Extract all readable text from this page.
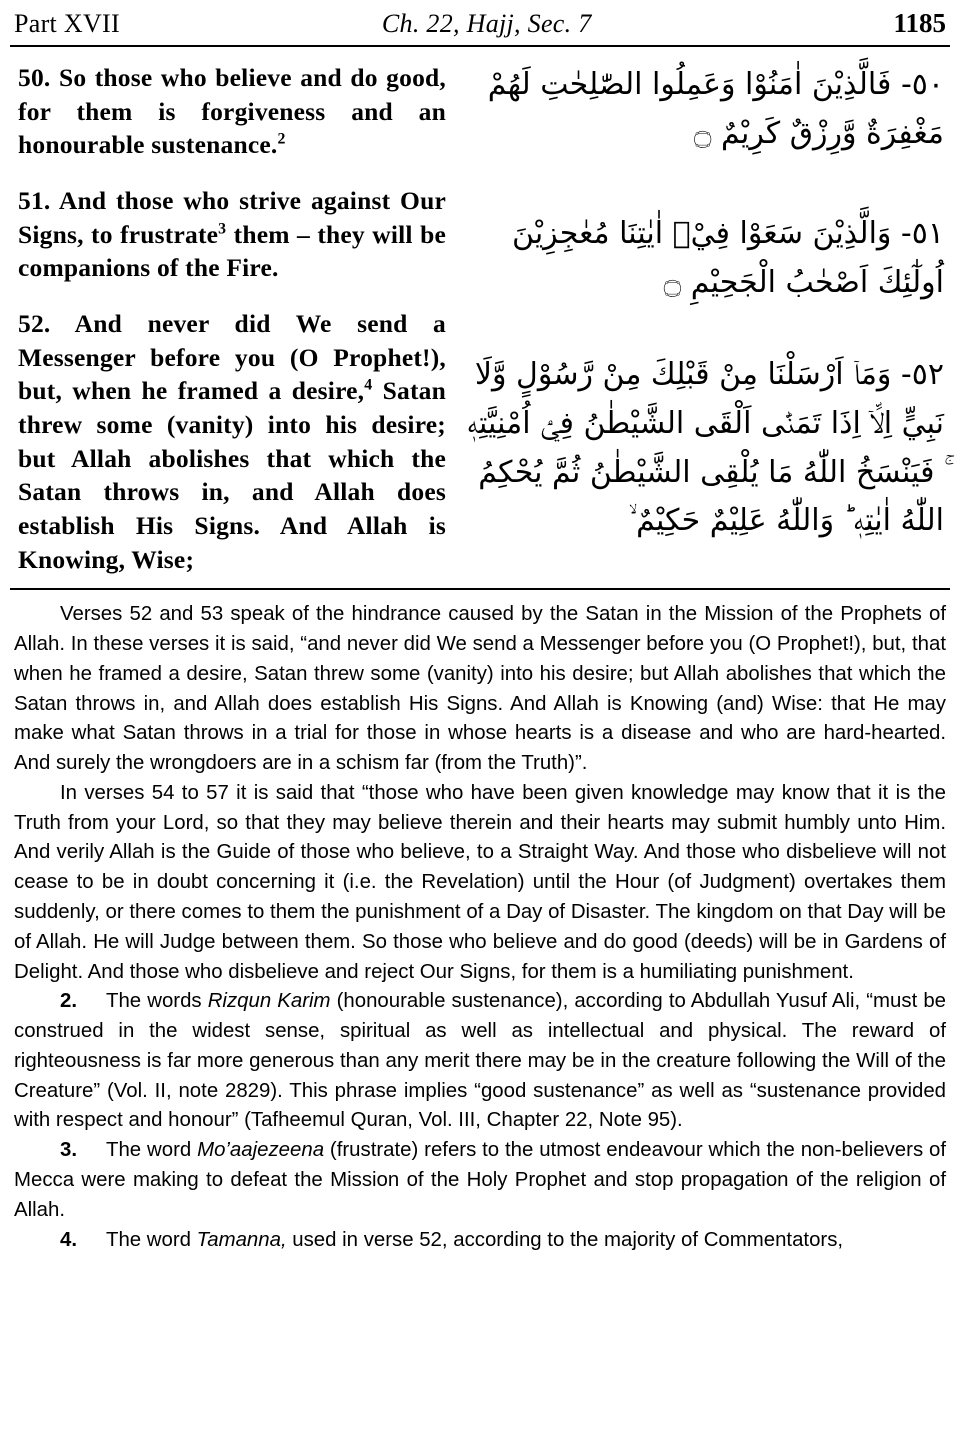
Part XVII	Ch. 22, Hajj, Sec. 7	1185
50. So those who believe and do good, for them is forgiveness and an honourable sustenance.$^2$
51. And those who strive against Our Signs, to frustrate$^3$ them – they will be companions of the Fire.
52. And never did We send a Messenger before you (O Prophet!), but, when he framed a desire,$^4$ Satan threw some (vanity) into his desire; but Allah abolishes that which the Satan throws in, and Allah does establish His Signs. And Allah is Knowing, Wise;
٥٠- فَالَّذِيْنَ اٰمَنُوْا وَعَمِلُوا الصّٰلِحٰتِ لَهُمْ مَغْفِرَةٌ وَّرِزْقٌ كَرِيْمٌ ۝
٥١- وَالَّذِيْنَ سَعَوْا فِيْۤ اٰيٰتِنَا مُعٰجِزِيْنَ اُولٰٓئِكَ اَصْحٰبُ الْجَحِيْمِ ۝
٥٢- وَمَاۤ اَرْسَلْنَا مِنْ قَبْلِكَ مِنْ رَّسُوْلٍ وَّلَا نَبِيٍّ اِلَّاۤ اِذَا تَمَنّٰۤى اَلْقَى الشَّيْطٰنُ فِيْۤ اُمْنِيَّتِهٖ ۚ فَيَنْسَخُ اللّٰهُ مَا يُلْقِى الشَّيْطٰنُ ثُمَّ يُحْكِمُ اللّٰهُ اٰيٰتِهٖ ؕ وَاللّٰهُ عَلِيْمٌ حَكِيْمٌ ۙ

Verses 52 and 53 speak of the hindrance caused by the Satan in the Mission of the Prophets of Allah. In these verses it is said, “and never did We send a Messenger before you (O Prophet!), but, that when he framed a desire, Satan threw some (vanity) into his desire; but Allah abolishes that which the Satan throws in, and Allah does establish His Signs. And Allah is Knowing (and) Wise: that He may make what Satan throws in a trial for those in whose hearts is a disease and who are hard-hearted. And surely the wrongdoers are in a schism far (from the Truth)”.

In verses 54 to 57 it is said that “those who have been given knowledge may know that it is the Truth from your Lord, so that they may believe therein and their hearts may submit humbly unto Him. And verily Allah is the Guide of those who believe, to a Straight Way. And those who disbelieve will not cease to be in doubt concerning it (i.e. the Revelation) until the Hour (of Judgment) overtakes them suddenly, or there comes to them the punishment of a Day of Disaster. The kingdom on that Day will be of Allah. He will Judge between them. So those who believe and do good (deeds) will be in Gardens of Delight. And those who disbelieve and reject Our Signs, for them is a humiliating punishment.

2. The words Rizqun Karim (honourable sustenance), according to Abdullah Yusuf Ali, “must be construed in the widest sense, spiritual as well as intellectual and physical. The reward of righteousness is far more generous than any merit there may be in the creature following the Will of the Creature” (Vol. II, note 2829). This phrase implies “good sustenance” as well as “sustenance provided with respect and honour” (Tafheemul Quran, Vol. III, Chapter 22, Note 95).

3. The word Mo’aajezeena (frustrate) refers to the utmost endeavour which the non-believers of Mecca were making to defeat the Mission of the Holy Prophet and stop propagation of the religion of Allah.

4. The word Tamanna, used in verse 52, according to the majority of Commentators,
